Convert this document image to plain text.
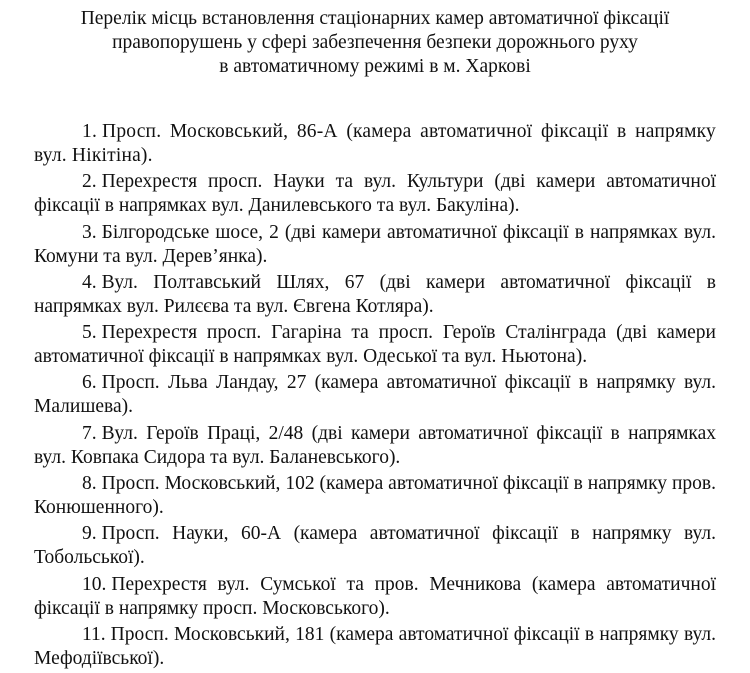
Перелік місць встановлення стаціонарних камер автоматичної фіксації
правопорушень у сфері забезпечення безпеки дорожнього руху
в автоматичному режимі в м. Харкові
1. Просп. Московський, 86-А (камера автоматичної фіксації в напрямку вул. Нікітіна).
2. Перехрестя просп. Науки та вул. Культури (дві камери автоматичної фіксації в напрямках вул. Данилевського та вул. Бакуліна).
3. Білгородське шосе, 2 (дві камери автоматичної фіксації в напрямках вул. Комуни та вул. Дерев’янка).
4. Вул. Полтавський Шлях, 67 (дві камери автоматичної фіксації в напрямках вул. Рилєєва та вул. Євгена Котляра).
5. Перехрестя просп. Гагаріна та просп. Героїв Сталінграда (дві камери автоматичної фіксації в напрямках вул. Одеської та вул. Ньютона).
6. Просп. Льва Ландау, 27 (камера автоматичної фіксації в напрямку вул. Малишева).
7. Вул. Героїв Праці, 2/48 (дві камери автоматичної фіксації в напрямках вул. Ковпака Сидора та вул. Баланевського).
8. Просп. Московський, 102 (камера автоматичної фіксації в напрямку пров. Конюшенного).
9. Просп. Науки, 60-А (камера автоматичної фіксації в напрямку вул. Тобольської).
10. Перехрестя вул. Сумської та пров. Мечникова (камера автоматичної фіксації в напрямку просп. Московського).
11. Просп. Московський, 181 (камера автоматичної фіксації в напрямку вул. Мефодіївської).
